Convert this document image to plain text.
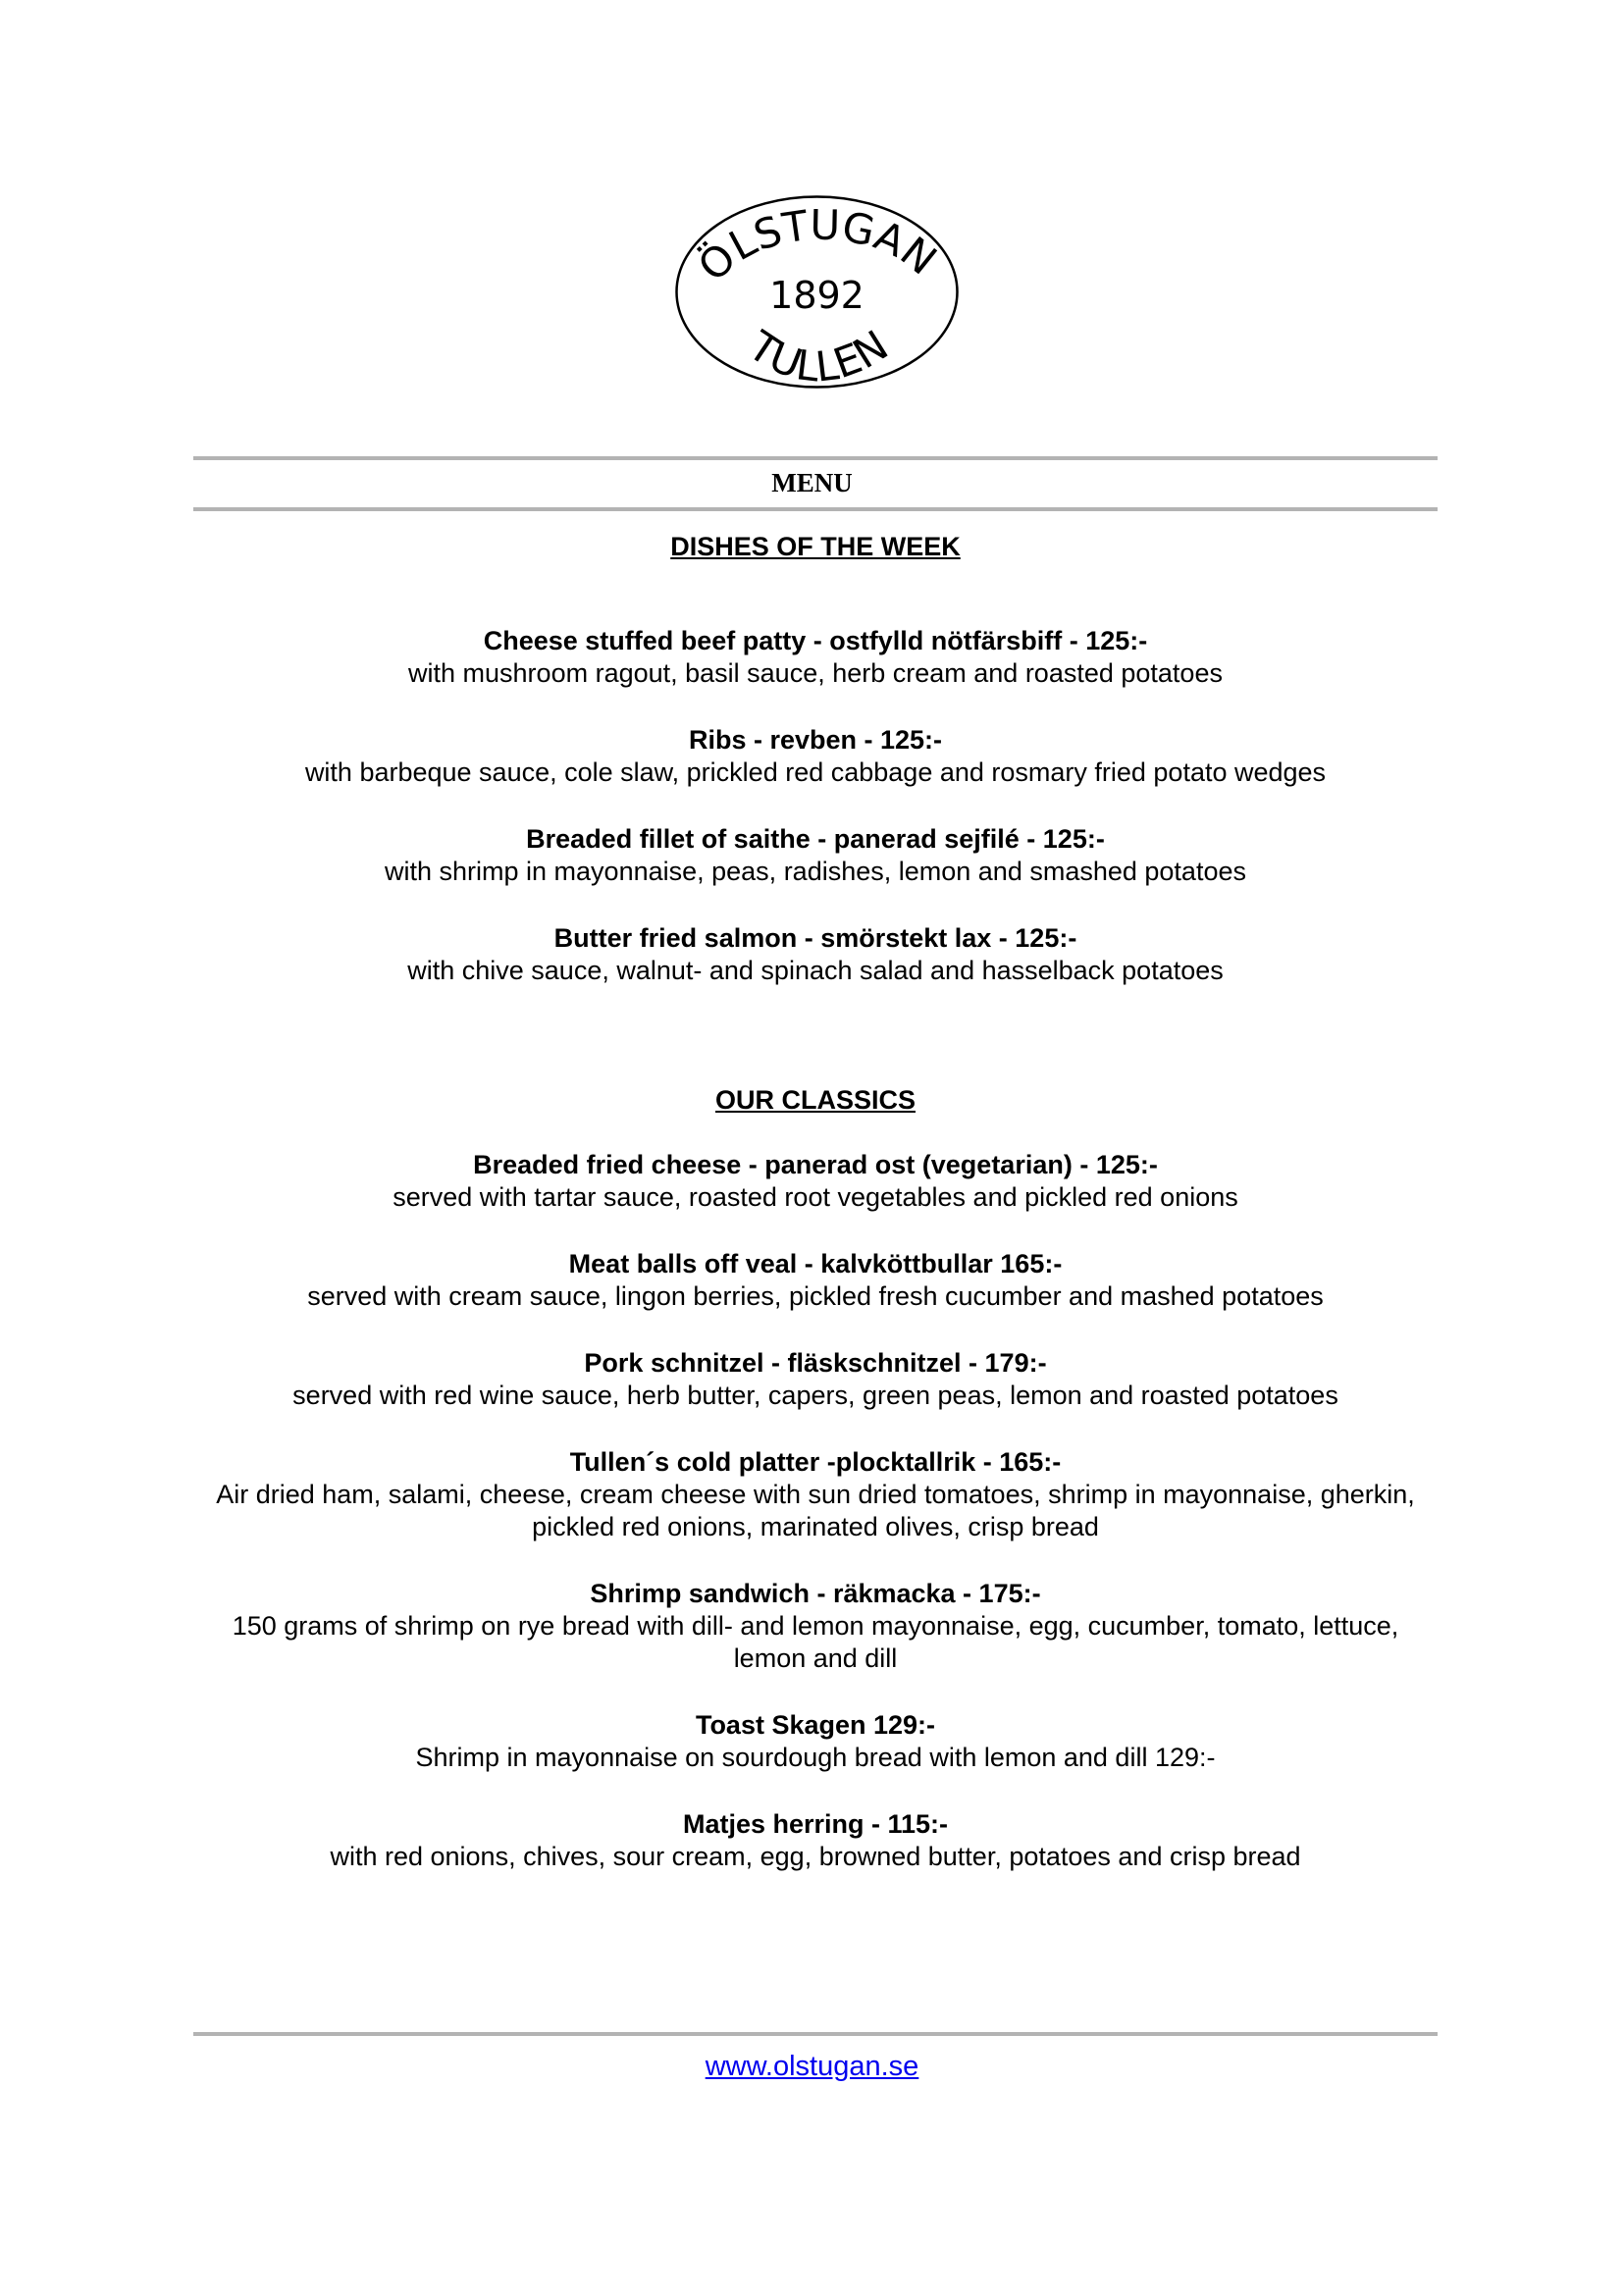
ÖLSTUGAN
1892
TULLEN
MENU

DISHES OF THE WEEK

Cheese stuffed beef patty - ostfylld nötfärsbiff - 125:-
with mushroom ragout, basil sauce, herb cream and roasted potatoes
Ribs - revben - 125:-
with barbeque sauce, cole slaw, prickled red cabbage and rosmary fried potato wedges
Breaded fillet of saithe - panerad sejfilé - 125:-
with shrimp in mayonnaise, peas, radishes, lemon and smashed potatoes
Butter fried salmon - smörstekt lax - 125:-
with chive sauce, walnut- and spinach salad and hasselback potatoes

OUR CLASSICS

Breaded fried cheese - panerad ost (vegetarian) - 125:-
served with tartar sauce, roasted root vegetables and pickled red onions
Meat balls off veal - kalvköttbullar 165:-
served with cream sauce, lingon berries, pickled fresh cucumber and mashed potatoes
Pork schnitzel - fläskschnitzel - 179:-
served with red wine sauce, herb butter, capers, green peas, lemon and roasted potatoes
Tullen´s cold platter -plocktallrik - 165:-
Air dried ham, salami, cheese, cream cheese with sun dried tomatoes, shrimp in mayonnaise, gherkin, pickled red onions, marinated olives, crisp bread
Shrimp sandwich - räkmacka - 175:-
150 grams of shrimp on rye bread with dill- and lemon mayonnaise, egg, cucumber, tomato, lettuce, lemon and dill
Toast Skagen 129:-
Shrimp in mayonnaise on sourdough bread with lemon and dill 129:-
Matjes herring - 115:-
with red onions, chives, sour cream, egg, browned butter, potatoes and crisp bread
www.olstugan.se
